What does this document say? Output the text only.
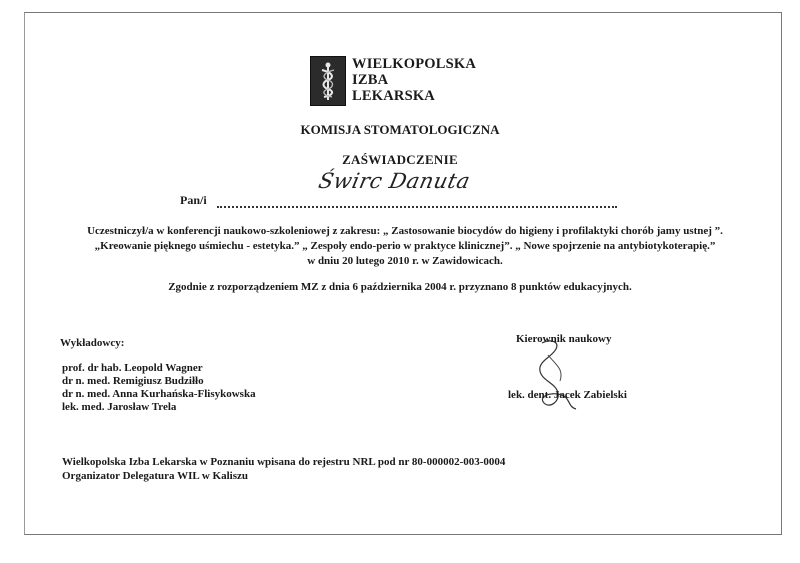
WIELKOPOLSKA
IZBA
LEKARSKA
KOMISJA STOMATOLOGICZNA
ZAŚWIADCZENIE
Pan/i
Świrc Danuta
Uczestniczył/a w konferencji naukowo-szkoleniowej z zakresu: „ Zastosowanie biocydów do higieny i profilaktyki chorób jamy ustnej ”.
„Kreowanie pięknego uśmiechu - estetyka.” „ Zespoły endo-perio w praktyce klinicznej”. „ Nowe spojrzenie na antybiotykoterapię.”
w dniu 20 lutego 2010 r. w Zawidowicach.
Zgodnie z rozporządzeniem MZ z dnia 6 października 2004 r. przyznano 8 punktów edukacyjnych.
Wykładowcy:
prof. dr hab. Leopold Wagner
dr n. med. Remigiusz Budziłło
dr n. med. Anna Kurhańska-Flisykowska
lek. med. Jarosław Trela
Kierownik naukowy
lek. dent. Jacek Zabielski
Wielkopolska Izba Lekarska w Poznaniu wpisana do rejestru NRL pod nr 80-000002-003-0004
Organizator Delegatura WIL w Kaliszu
